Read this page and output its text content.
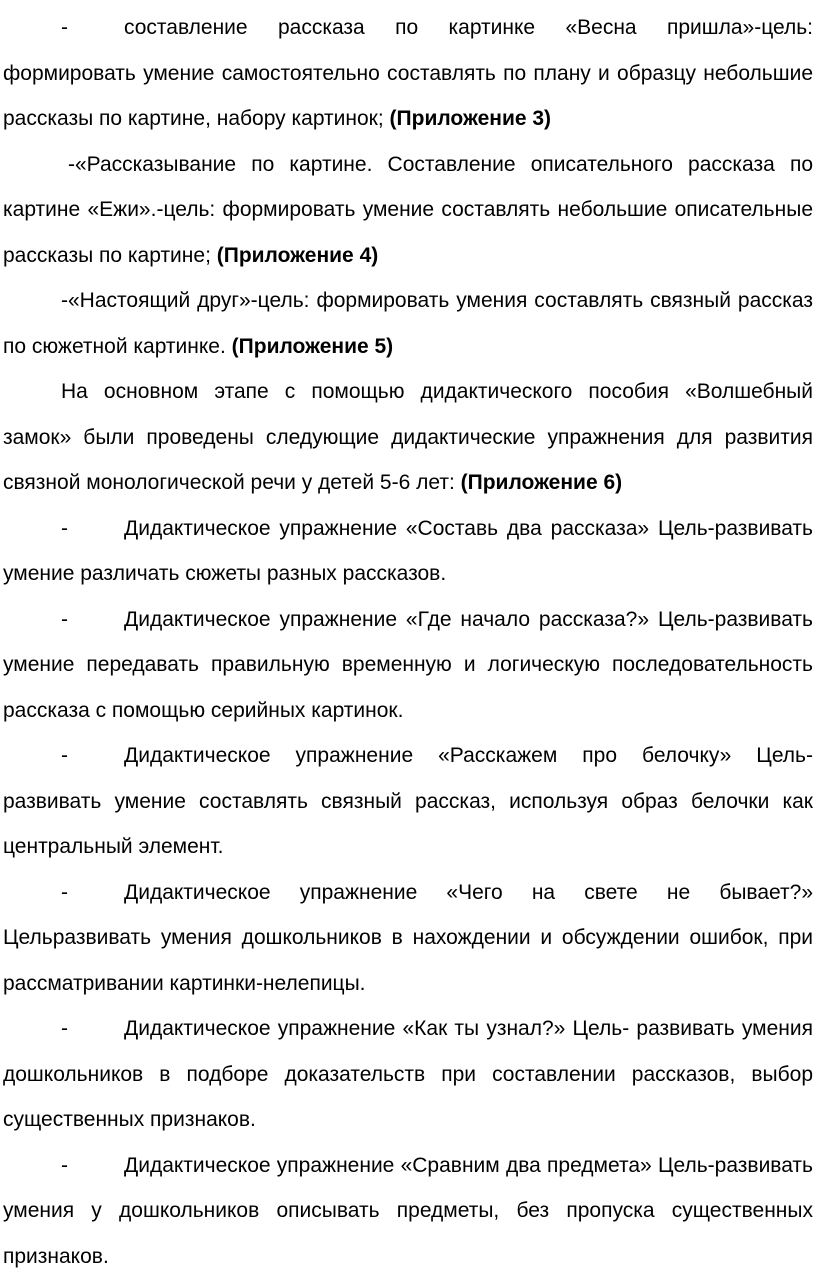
-	составление рассказа по картинке «Весна пришла»-цель: формировать умение самостоятельно составлять по плану и образцу небольшие рассказы по картине, набору картинок; (Приложение 3)

-«Рассказывание по картине. Составление описательного рассказа по картине «Ежи».-цель: формировать умение составлять небольшие описательные рассказы по картине; (Приложение 4)

-«Настоящий друг»-цель: формировать умения составлять связный рассказ по сюжетной картинке. (Приложение 5)

На основном этапе с помощью дидактического пособия «Волшебный замок» были проведены следующие дидактические упражнения для развития связной монологической речи у детей 5-6 лет: (Приложение 6)

-	Дидактическое упражнение «Составь два рассказа» Цель-развивать умение различать сюжеты разных рассказов.

-	Дидактическое упражнение «Где начало рассказа?» Цель-развивать умение передавать правильную временную и логическую последовательность рассказа с помощью серийных картинок.

-	Дидактическое упражнение «Расскажем про белочку» Цель-развивать умение составлять связный рассказ, используя образ белочки как центральный элемент.

-	Дидактическое упражнение «Чего на свете не бывает?» Цельразвивать умения дошкольников в нахождении и обсуждении ошибок, при рассматривании картинки-нелепицы.

-	Дидактическое упражнение «Как ты узнал?» Цель- развивать умения дошкольников в подборе доказательств при составлении рассказов, выбор существенных признаков.

-	Дидактическое упражнение «Сравним два предмета» Цель-развивать умения у дошкольников описывать предметы, без пропуска существенных признаков.
